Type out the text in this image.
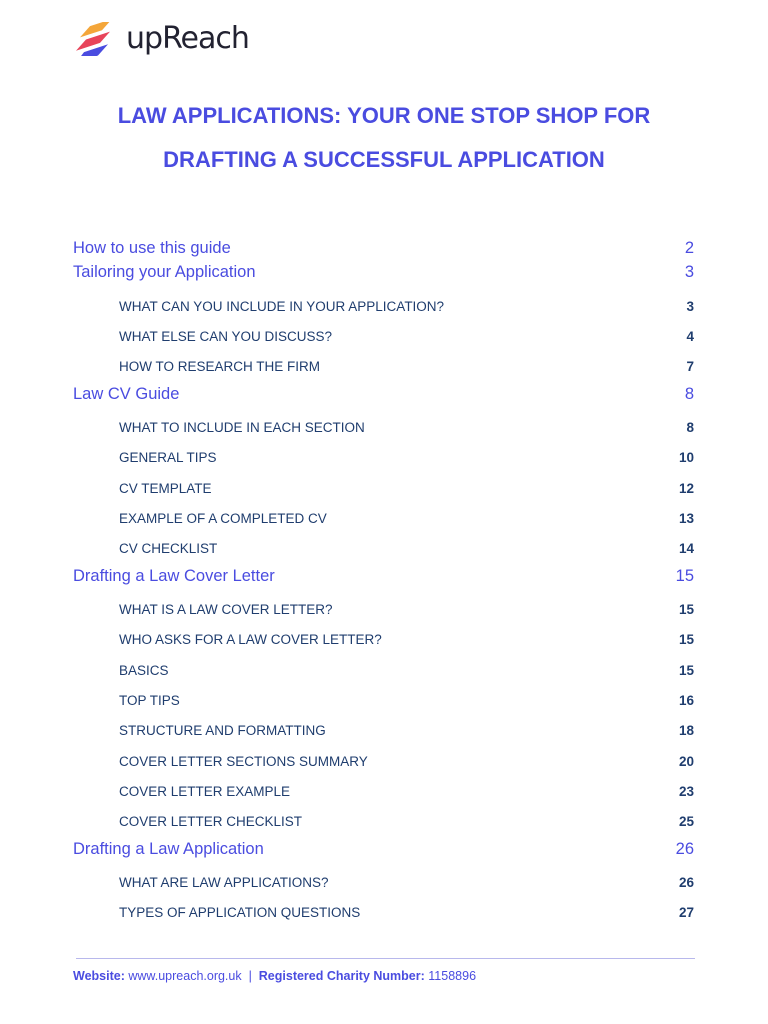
upReach
LAW APPLICATIONS: YOUR ONE STOP SHOP FOR
DRAFTING A SUCCESSFUL APPLICATION
How to use this guide	2
Tailoring your Application	3
WHAT CAN YOU INCLUDE IN YOUR APPLICATION?	3
WHAT ELSE CAN YOU DISCUSS?	4
HOW TO RESEARCH THE FIRM	7
Law CV Guide	8
WHAT TO INCLUDE IN EACH SECTION	8
GENERAL TIPS	10
CV TEMPLATE	12
EXAMPLE OF A COMPLETED CV	13
CV CHECKLIST	14
Drafting a Law Cover Letter	15
WHAT IS A LAW COVER LETTER?	15
WHO ASKS FOR A LAW COVER LETTER?	15
BASICS	15
TOP TIPS	16
STRUCTURE AND FORMATTING	18
COVER LETTER SECTIONS SUMMARY	20
COVER LETTER EXAMPLE	23
COVER LETTER CHECKLIST	25
Drafting a Law Application	26
WHAT ARE LAW APPLICATIONS?	26
TYPES OF APPLICATION QUESTIONS	27
Website: www.upreach.org.uk | Registered Charity Number: 1158896
